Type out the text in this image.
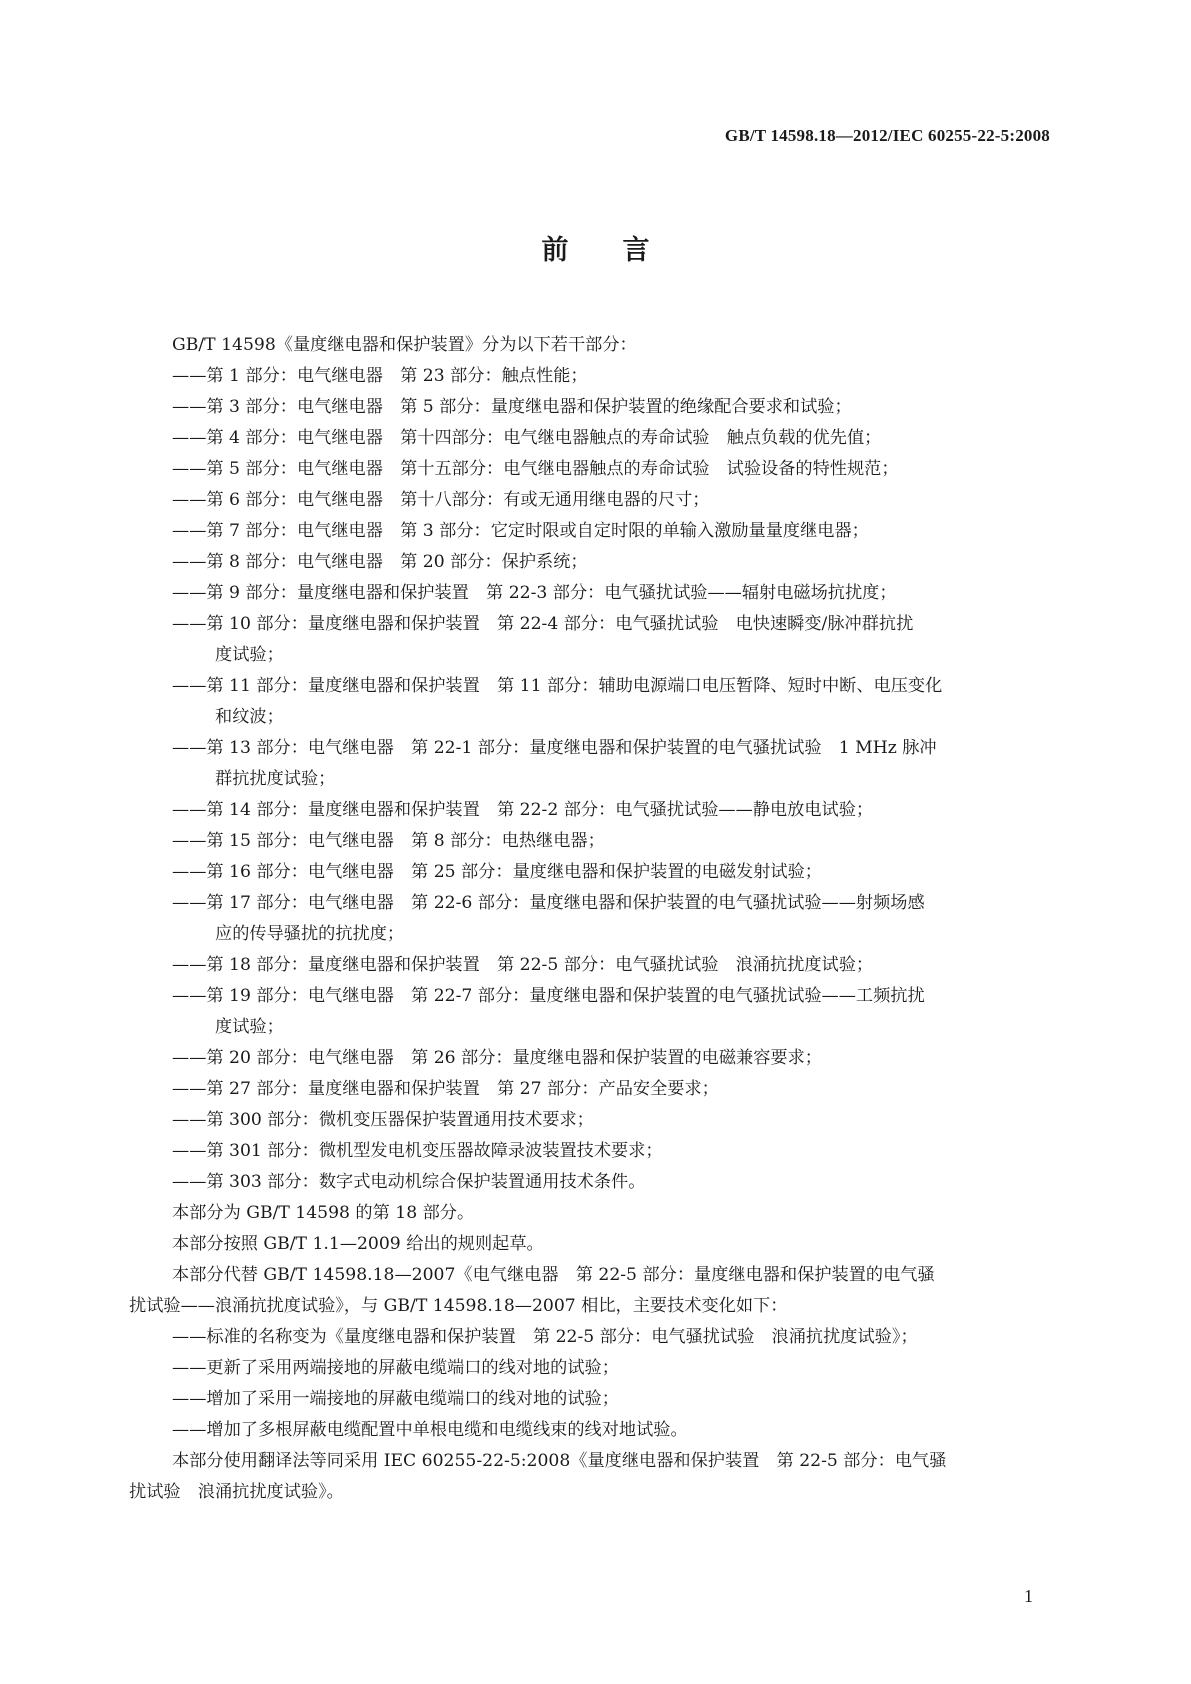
GB/T 14598.18—2012/IEC 60255-22-5:2008
前　　言
GB/T 14598《量度继电器和保护装置》分为以下若干部分：
——第 1 部分：电气继电器　第 23 部分：触点性能；
——第 3 部分：电气继电器　第 5 部分：量度继电器和保护装置的绝缘配合要求和试验；
——第 4 部分：电气继电器　第十四部分：电气继电器触点的寿命试验　触点负载的优先值；
——第 5 部分：电气继电器　第十五部分：电气继电器触点的寿命试验　试验设备的特性规范；
——第 6 部分：电气继电器　第十八部分：有或无通用继电器的尺寸；
——第 7 部分：电气继电器　第 3 部分：它定时限或自定时限的单输入激励量量度继电器；
——第 8 部分：电气继电器　第 20 部分：保护系统；
——第 9 部分：量度继电器和保护装置　第 22-3 部分：电气骚扰试验——辐射电磁场抗扰度；
——第 10 部分：量度继电器和保护装置　第 22-4 部分：电气骚扰试验　电快速瞬变/脉冲群抗扰
度试验；
——第 11 部分：量度继电器和保护装置　第 11 部分：辅助电源端口电压暂降、短时中断、电压变化
和纹波；
——第 13 部分：电气继电器　第 22-1 部分：量度继电器和保护装置的电气骚扰试验　1 MHz 脉冲
群抗扰度试验；
——第 14 部分：量度继电器和保护装置　第 22-2 部分：电气骚扰试验——静电放电试验；
——第 15 部分：电气继电器　第 8 部分：电热继电器；
——第 16 部分：电气继电器　第 25 部分：量度继电器和保护装置的电磁发射试验；
——第 17 部分：电气继电器　第 22-6 部分：量度继电器和保护装置的电气骚扰试验——射频场感
应的传导骚扰的抗扰度；
——第 18 部分：量度继电器和保护装置　第 22-5 部分：电气骚扰试验　浪涌抗扰度试验；
——第 19 部分：电气继电器　第 22-7 部分：量度继电器和保护装置的电气骚扰试验——工频抗扰
度试验；
——第 20 部分：电气继电器　第 26 部分：量度继电器和保护装置的电磁兼容要求；
——第 27 部分：量度继电器和保护装置　第 27 部分：产品安全要求；
——第 300 部分：微机变压器保护装置通用技术要求；
——第 301 部分：微机型发电机变压器故障录波装置技术要求；
——第 303 部分：数字式电动机综合保护装置通用技术条件。
本部分为 GB/T 14598 的第 18 部分。
本部分按照 GB/T 1.1—2009 给出的规则起草。
本部分代替 GB/T 14598.18—2007《电气继电器　第 22-5 部分：量度继电器和保护装置的电气骚
扰试验——浪涌抗扰度试验》，与 GB/T 14598.18—2007 相比，主要技术变化如下：
——标准的名称变为《量度继电器和保护装置　第 22-5 部分：电气骚扰试验　浪涌抗扰度试验》；
——更新了采用两端接地的屏蔽电缆端口的线对地的试验；
——增加了采用一端接地的屏蔽电缆端口的线对地的试验；
——增加了多根屏蔽电缆配置中单根电缆和电缆线束的线对地试验。
本部分使用翻译法等同采用 IEC 60255-22-5:2008《量度继电器和保护装置　第 22-5 部分：电气骚
扰试验　浪涌抗扰度试验》。
1
